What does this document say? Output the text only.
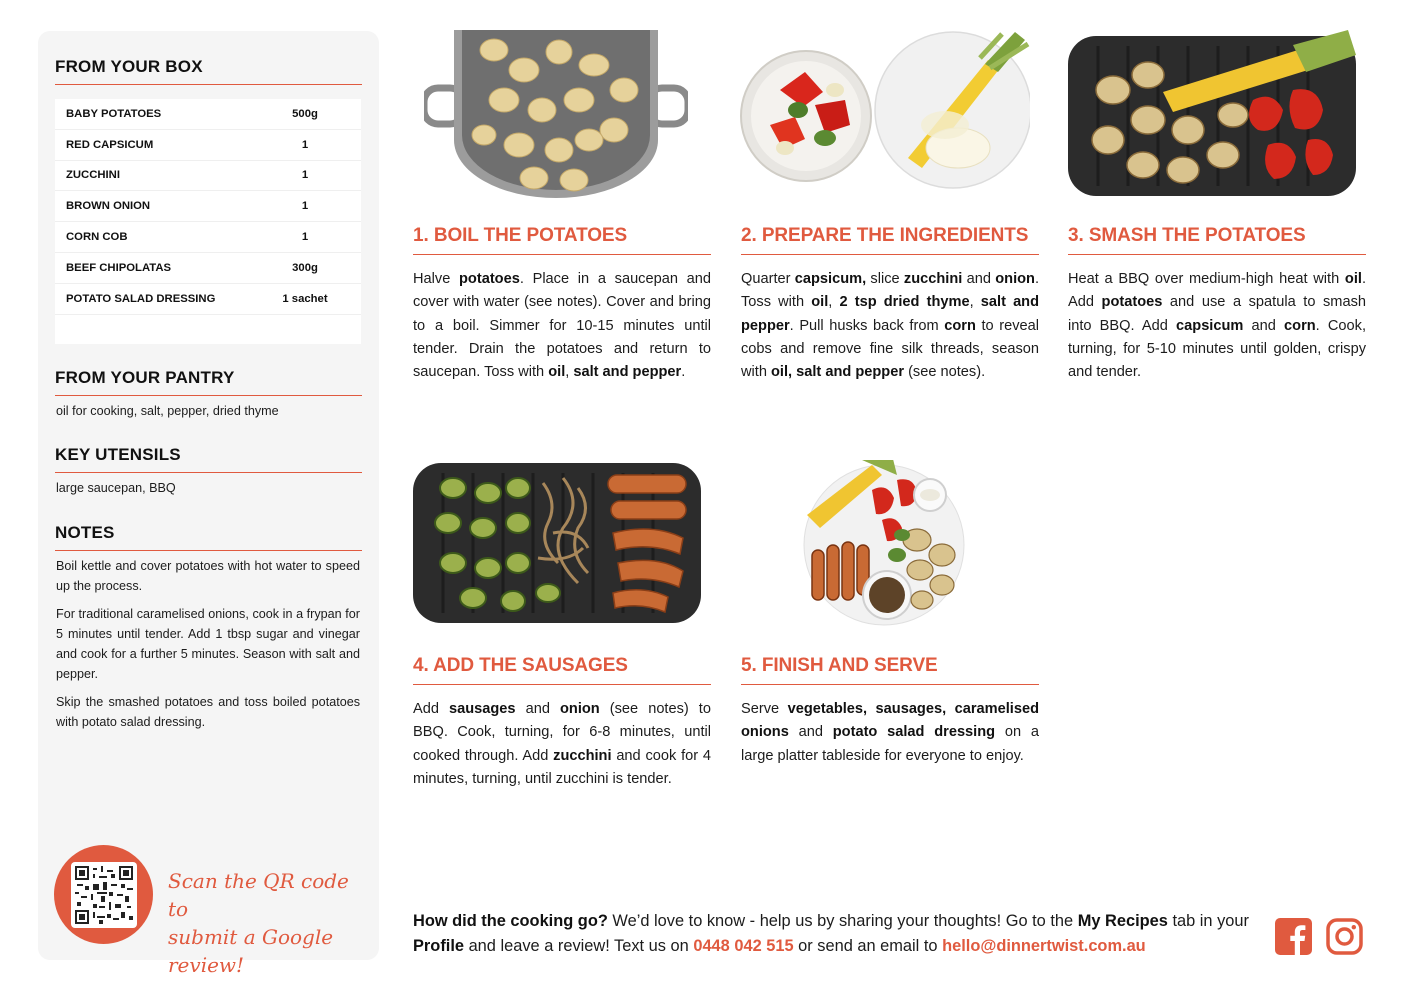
FROM YOUR BOX
BABY POTATOES	500g
RED CAPSICUM	1
ZUCCHINI	1
BROWN ONION	1
CORN COB	1
BEEF CHIPOLATAS	300g
POTATO SALAD DRESSING	1 sachet
FROM YOUR PANTRY
oil for cooking, salt, pepper, dried thyme
KEY UTENSILS
large saucepan, BBQ
NOTES

Boil kettle and cover potatoes with hot water to speed up the process.

For traditional caramelised onions, cook in a frypan for 5 minutes until tender. Add 1 tbsp sugar and vinegar and cook for a further 5 minutes. Season with salt and pepper.

Skip the smashed potatoes and toss boiled potatoes with potato salad dressing.

Scan the QR code to
submit a Google review!
1. BOIL THE POTATOES
Halve potatoes. Place in a saucepan and cover with water (see notes). Cover and bring to a boil. Simmer for 10-15 minutes until tender. Drain the potatoes and return to saucepan. Toss with oil, salt and pepper.
2. PREPARE THE INGREDIENTS
Quarter capsicum, slice zucchini and onion. Toss with oil, 2 tsp dried thyme, salt and pepper. Pull husks back from corn to reveal cobs and remove fine silk threads, season with oil, salt and pepper (see notes).
3. SMASH THE POTATOES
Heat a BBQ over medium-high heat with oil. Add potatoes and use a spatula to smash into BBQ. Add capsicum and corn. Cook, turning, for 5-10 minutes until golden, crispy and tender.
4. ADD THE SAUSAGES
Add sausages and onion (see notes) to BBQ. Cook, turning, for 6-8 minutes, until cooked through. Add zucchini and cook for 4 minutes, turning, until zucchini is tender.
5. FINISH AND SERVE
Serve vegetables, sausages, caramelised onions and potato salad dressing on a large platter tableside for everyone to enjoy.
How did the cooking go? We’d love to know - help us by sharing your thoughts! Go to the My Recipes tab in your Profile and leave a review! Text us on 0448 042 515 or send an email to hello@dinnertwist.com.au
